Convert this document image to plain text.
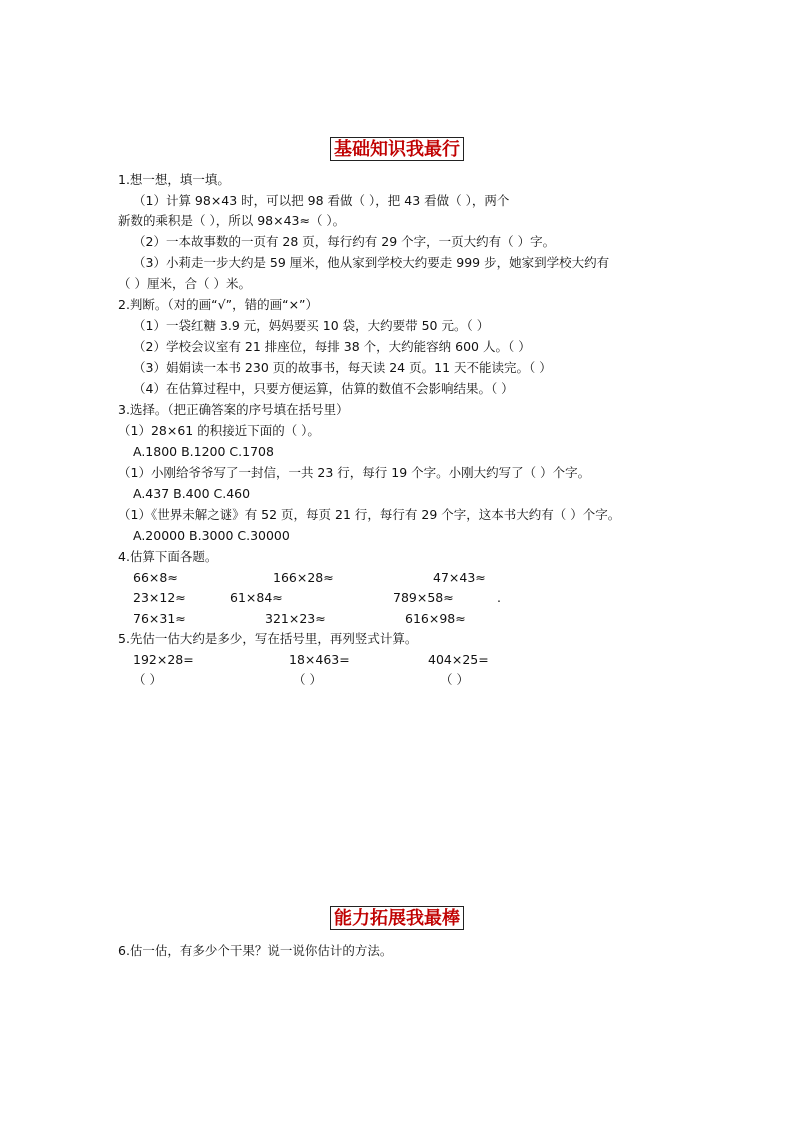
基础知识我最行
1.想一想，填一填。
（1）计算 98×43 时，可以把 98 看做（ ），把 43 看做（ ），两个
新数的乘积是（ ），所以 98×43≈（ ）。
（2）一本故事数的一页有 28 页，每行约有 29 个字，一页大约有（ ）字。
（3）小莉走一步大约是 59 厘米，他从家到学校大约要走 999 步，她家到学校大约有
（ ）厘米，合（ ）米。
2.判断。（对的画“√”，错的画“×”）
（1）一袋红糖 3.9 元，妈妈要买 10 袋，大约要带 50 元。（ ）
（2）学校会议室有 21 排座位，每排 38 个，大约能容纳 600 人。（ ）
（3）娟娟读一本书 230 页的故事书，每天读 24 页。11 天不能读完。（ ）
（4）在估算过程中，只要方便运算，估算的数值不会影响结果。（ ）
3.选择。（把正确答案的序号填在括号里）
（1）28×61 的积接近下面的（ ）。
A.1800 B.1200 C.1708
（1）小刚给爷爷写了一封信，一共 23 行，每行 19 个字。小刚大约写了（ ）个字。
A.437 B.400 C.460
（1）《世界未解之谜》有 52 页，每页 21 行，每行有 29 个字，这本书大约有（ ）个字。
A.20000 B.3000 C.30000
4.估算下面各题。
66×8≈	166×28≈	47×43≈
23×12≈	61×84≈	789×58≈	.
76×31≈	321×23≈	616×98≈
5.先估一估大约是多少，写在括号里，再列竖式计算。
192×28=	18×463=	404×25=
（ ）	（ ）	（ ）
能力拓展我最棒
6.估一估，有多少个干果？说一说你估计的方法。
